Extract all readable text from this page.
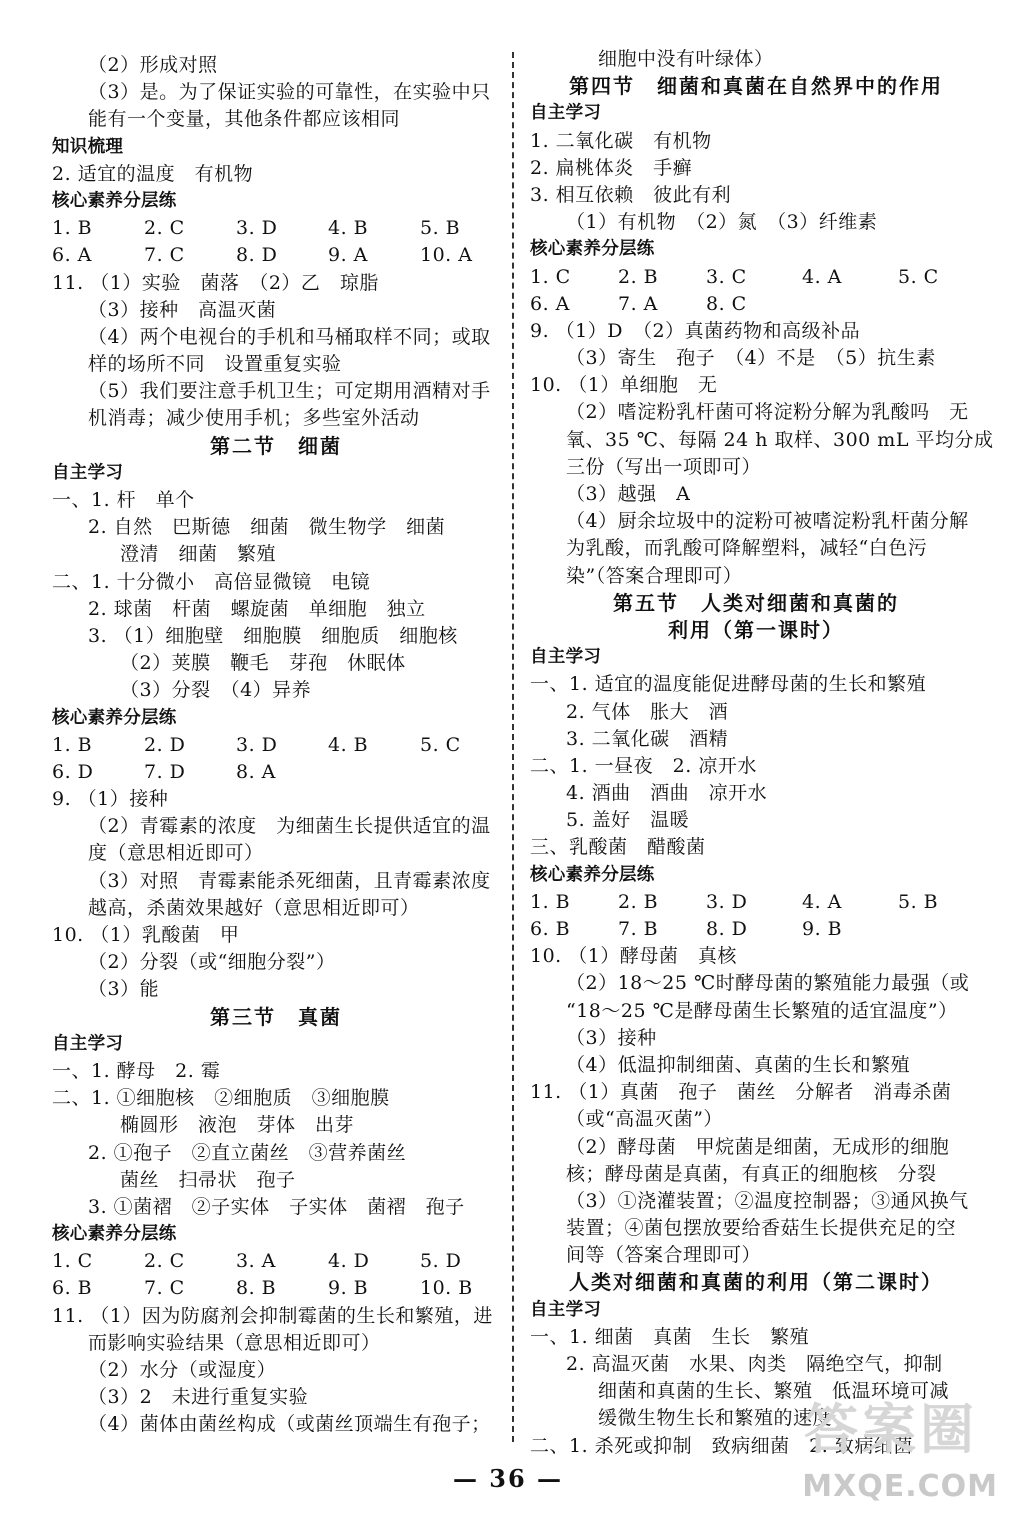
（2）形成对照
（3）是。为了保证实验的可靠性，在实验中只
能有一个变量，其他条件都应该相同
知识梳理
2. 适宜的温度　有机物
核心素养分层练
1. B	2. C	3. D	4. B	5. B
6. A	7. C	8. D	9. A	10. A
11. （1）实验　菌落　（2）乙　琼脂
（3）接种　高温灭菌
（4）两个电视台的手机和马桶取样不同；或取
样的场所不同　设置重复实验
（5）我们要注意手机卫生；可定期用酒精对手
机消毒；减少使用手机；多些室外活动
第二节　细菌
自主学习
一、1. 杆　单个
2. 自然　巴斯德　细菌　微生物学　细菌
澄清　细菌　繁殖
二、1. 十分微小　高倍显微镜　电镜
2. 球菌　杆菌　螺旋菌　单细胞　独立
3. （1）细胞壁　细胞膜　细胞质　细胞核
（2）荚膜　鞭毛　芽孢　休眠体
（3）分裂　（4）异养
核心素养分层练
1. B	2. D	3. D	4. B	5. C
6. D	7. D	8. A
9. （1）接种
（2）青霉素的浓度　为细菌生长提供适宜的温
度（意思相近即可）
（3）对照　青霉素能杀死细菌，且青霉素浓度
越高，杀菌效果越好（意思相近即可）
10. （1）乳酸菌　甲
（2）分裂（或“细胞分裂”）
（3）能
第三节　真菌
自主学习
一、1. 酵母　2. 霉
二、1. ①细胞核　②细胞质　③细胞膜
椭圆形　液泡　芽体　出芽
2. ①孢子　②直立菌丝　③营养菌丝
菌丝　扫帚状　孢子
3. ①菌褶　②子实体　子实体　菌褶　孢子
核心素养分层练
1. C	2. C	3. A	4. D	5. D
6. B	7. C	8. B	9. B	10. B
11. （1）因为防腐剂会抑制霉菌的生长和繁殖，进
而影响实验结果（意思相近即可）
（2）水分（或湿度）
（3）2　未进行重复实验
（4）菌体由菌丝构成（或菌丝顶端生有孢子；
细胞中没有叶绿体）
第四节　细菌和真菌在自然界中的作用
自主学习
1. 二氧化碳　有机物
2. 扁桃体炎　手癣
3. 相互依赖　彼此有利
（1）有机物　（2）氮　（3）纤维素
核心素养分层练
1. C	2. B	3. C	4. A	5. C
6. A	7. A	8. C
9. （1）D　（2）真菌药物和高级补品
（3）寄生　孢子　（4）不是　（5）抗生素
10. （1）单细胞　无
（2）嗜淀粉乳杆菌可将淀粉分解为乳酸吗　无
氧、35 ℃、每隔 24 h 取样、300 mL 平均分成
三份（写出一项即可）
（3）越强　A
（4）厨余垃圾中的淀粉可被嗜淀粉乳杆菌分解
为乳酸，而乳酸可降解塑料，减轻“白色污
染”（答案合理即可）
第五节　人类对细菌和真菌的
利用（第一课时）
自主学习
一、1. 适宜的温度能促进酵母菌的生长和繁殖
2. 气体　胀大　酒
3. 二氧化碳　酒精
二、1. 一昼夜　2. 凉开水
4. 酒曲　酒曲　凉开水
5. 盖好　温暖
三、乳酸菌　醋酸菌
核心素养分层练
1. B	2. B	3. D	4. A	5. B
6. B	7. B	8. D	9. B
10. （1）酵母菌　真核
（2）18～25 ℃时酵母菌的繁殖能力最强（或
“18～25 ℃是酵母菌生长繁殖的适宜温度”）
（3）接种
（4）低温抑制细菌、真菌的生长和繁殖
11. （1）真菌　孢子　菌丝　分解者　消毒杀菌
（或“高温灭菌”）
（2）酵母菌　甲烷菌是细菌，无成形的细胞
核；酵母菌是真菌，有真正的细胞核　分裂
（3）①浇灌装置；②温度控制器；③通风换气
装置；④菌包摆放要给香菇生长提供充足的空
间等（答案合理即可）
人类对细菌和真菌的利用（第二课时）
自主学习
一、1. 细菌　真菌　生长　繁殖
2. 高温灭菌　水果、肉类　隔绝空气，抑制
细菌和真菌的生长、繁殖　低温环境可减
缓微生物生长和繁殖的速度
二、1. 杀死或抑制　致病细菌　2. 致病细菌
— 36 —
答案圈
MXQE.COM
